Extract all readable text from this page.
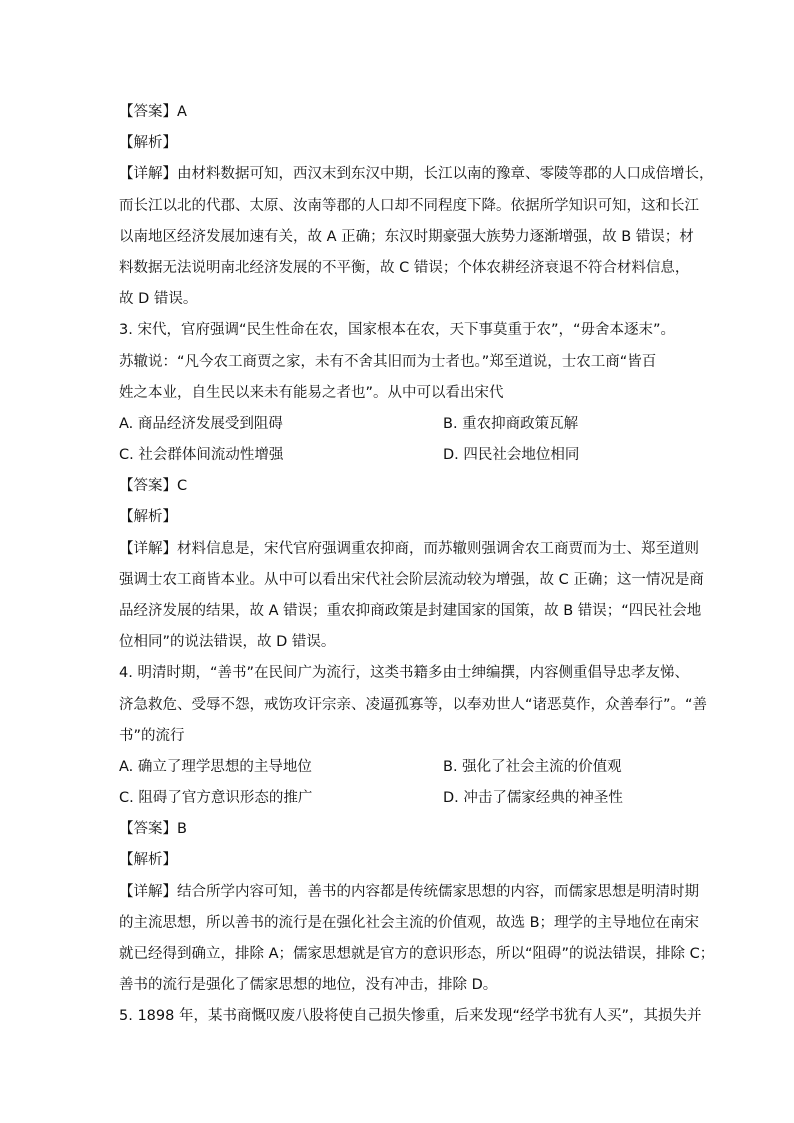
【答案】A
【解析】
【详解】由材料数据可知，西汉末到东汉中期，长江以南的豫章、零陵等郡的人口成倍增长，
而长江以北的代郡、太原、汝南等郡的人口却不同程度下降。依据所学知识可知，这和长江
以南地区经济发展加速有关，故 A 正确；东汉时期豪强大族势力逐渐增强，故 B 错误；材
料数据无法说明南北经济发展的不平衡，故 C 错误；个体农耕经济衰退不符合材料信息，
故 D 错误。
3. 宋代，官府强调“民生性命在农，国家根本在农，天下事莫重于农”，“毋舍本逐末”。
苏辙说：“凡今农工商贾之家，未有不舍其旧而为士者也。”郑至道说，士农工商“皆百
姓之本业，自生民以来未有能易之者也”。从中可以看出宋代
A. 商品经济发展受到阻碍	B. 重农抑商政策瓦解
C. 社会群体间流动性增强	D. 四民社会地位相同
【答案】C
【解析】
【详解】材料信息是，宋代官府强调重农抑商，而苏辙则强调舍农工商贾而为士、郑至道则
强调士农工商皆本业。从中可以看出宋代社会阶层流动较为增强，故 C 正确；这一情况是商
品经济发展的结果，故 A 错误；重农抑商政策是封建国家的国策，故 B 错误；“四民社会地
位相同”的说法错误，故 D 错误。
4. 明清时期，“善书”在民间广为流行，这类书籍多由士绅编撰，内容侧重倡导忠孝友悌、
济急救危、受辱不怨，戒饬攻讦宗亲、凌逼孤寡等，以奉劝世人“诸恶莫作，众善奉行”。“善
书”的流行
A. 确立了理学思想的主导地位	B. 强化了社会主流的价值观
C. 阻碍了官方意识形态的推广	D. 冲击了儒家经典的神圣性
【答案】B
【解析】
【详解】结合所学内容可知，善书的内容都是传统儒家思想的内容，而儒家思想是明清时期
的主流思想，所以善书的流行是在强化社会主流的价值观，故选 B；理学的主导地位在南宋
就已经得到确立，排除 A；儒家思想就是官方的意识形态，所以“阻碍”的说法错误，排除 C；
善书的流行是强化了儒家思想的地位，没有冲击，排除 D。
5. 1898 年，某书商慨叹废八股将使自己损失惨重，后来发现“经学书犹有人买”，其损失并
